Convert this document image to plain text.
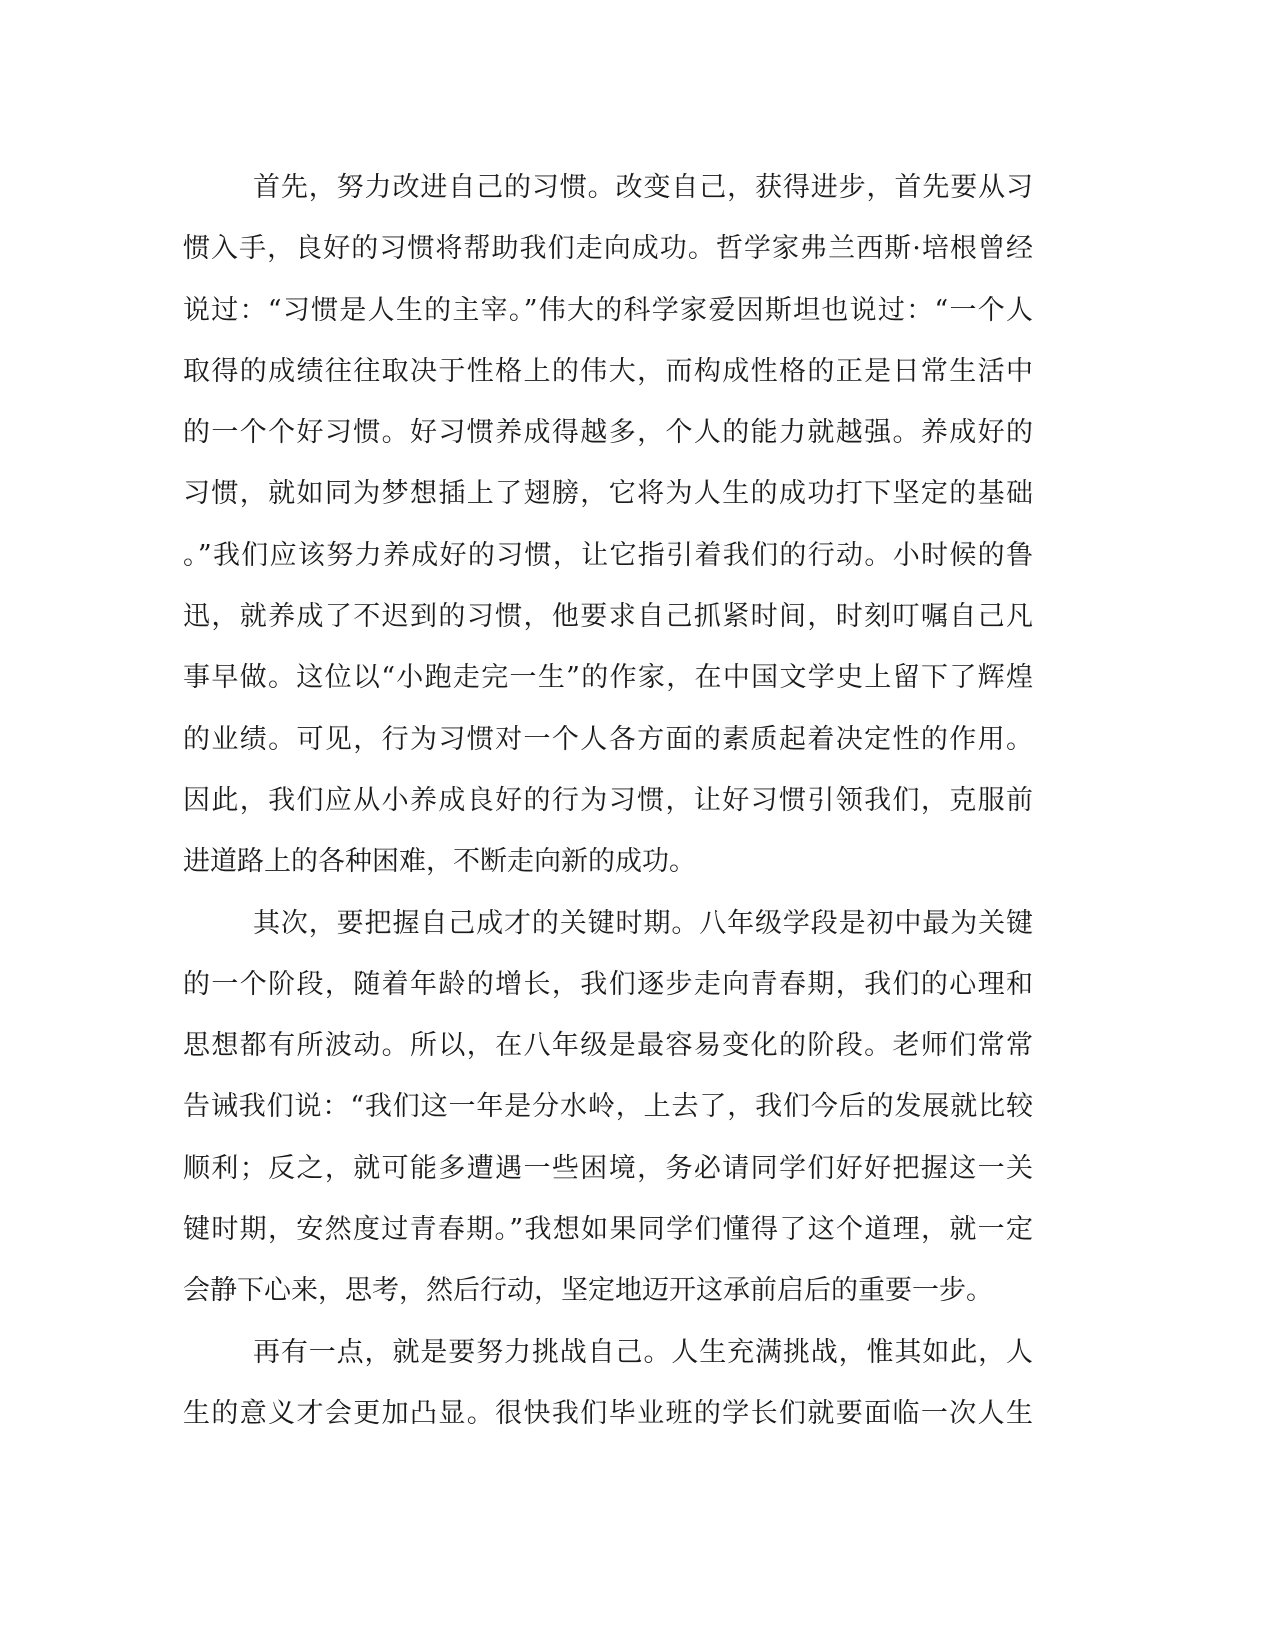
首先，努力改进自己的习惯。改变自己，获得进步，首先要从习
惯入手，良好的习惯将帮助我们走向成功。哲学家弗兰西斯·培根曾经
说过：“习惯是人生的主宰。”伟大的科学家爱因斯坦也说过：“一个人
取得的成绩往往取决于性格上的伟大，而构成性格的正是日常生活中
的一个个好习惯。好习惯养成得越多，个人的能力就越强。养成好的
习惯，就如同为梦想插上了翅膀，它将为人生的成功打下坚定的基础
。”我们应该努力养成好的习惯，让它指引着我们的行动。小时候的鲁
迅，就养成了不迟到的习惯，他要求自己抓紧时间，时刻叮嘱自己凡
事早做。这位以“小跑走完一生”的作家，在中国文学史上留下了辉煌
的业绩。可见，行为习惯对一个人各方面的素质起着决定性的作用。
因此，我们应从小养成良好的行为习惯，让好习惯引领我们，克服前
进道路上的各种困难，不断走向新的成功。
其次，要把握自己成才的关键时期。八年级学段是初中最为关键
的一个阶段，随着年龄的增长，我们逐步走向青春期，我们的心理和
思想都有所波动。所以，在八年级是最容易变化的阶段。老师们常常
告诫我们说：“我们这一年是分水岭，上去了，我们今后的发展就比较
顺利；反之，就可能多遭遇一些困境，务必请同学们好好把握这一关
键时期，安然度过青春期。”我想如果同学们懂得了这个道理，就一定
会静下心来，思考，然后行动，坚定地迈开这承前启后的重要一步。
再有一点，就是要努力挑战自己。人生充满挑战，惟其如此，人
生的意义才会更加凸显。很快我们毕业班的学长们就要面临一次人生
